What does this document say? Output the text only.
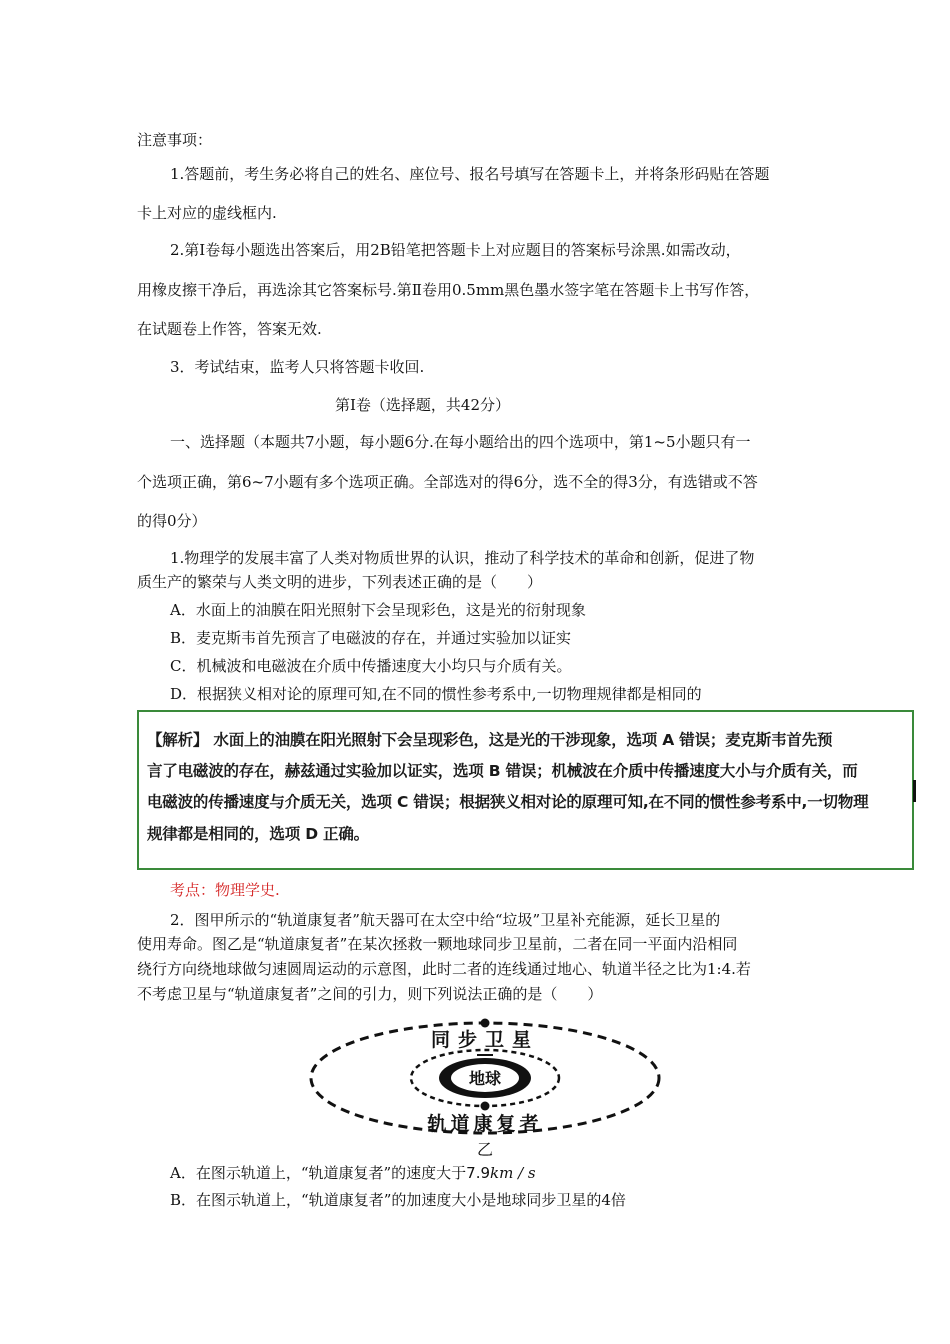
注意事项：
1.答题前，考生务必将自己的姓名、座位号、报名号填写在答题卡上，并将条形码贴在答题
卡上对应的虚线框内.
2.第Ⅰ卷每小题选出答案后，用2B铅笔把答题卡上对应题目的答案标号涂黑.如需改动，
用橡皮擦干净后，再选涂其它答案标号.第Ⅱ卷用0.5mm黑色墨水签字笔在答题卡上书写作答，
在试题卷上作答，答案无效.
3．考试结束，监考人只将答题卡收回.
第Ⅰ卷（选择题，共42分）
一、选择题（本题共7小题，每小题6分.在每小题给出的四个选项中，第1~5小题只有一
个选项正确，第6~7小题有多个选项正确。全部选对的得6分，选不全的得3分，有选错或不答
的得0分）
1.物理学的发展丰富了人类对物质世界的认识，推动了科学技术的革命和创新，促进了物
质生产的繁荣与人类文明的进步，下列表述正确的是（　　）
A．水面上的油膜在阳光照射下会呈现彩色，这是光的衍射现象
B．麦克斯韦首先预言了电磁波的存在，并通过实验加以证实
C．机械波和电磁波在介质中传播速度大小均只与介质有关。
D．根据狭义相对论的原理可知,在不同的惯性参考系中,一切物理规律都是相同的
【解析】 水面上的油膜在阳光照射下会呈现彩色，这是光的干涉现象，选项 A 错误；麦克斯韦首先预
言了电磁波的存在，赫兹通过实验加以证实，选项 B 错误；机械波在介质中传播速度大小与介质有关，而
电磁波的传播速度与介质无关，选项 C 错误；根据狭义相对论的原理可知,在不同的惯性参考系中,一切物理
规律都是相同的，选项 D 正确。
考点：物理学史.
2．图甲所示的“轨道康复者”航天器可在太空中给“垃圾”卫星补充能源，延长卫星的
使用寿命。图乙是“轨道康复者”在某次拯救一颗地球同步卫星前，二者在同一平面内沿相同
绕行方向绕地球做匀速圆周运动的示意图，此时二者的连线通过地心、轨道半径之比为1:4.若
不考虑卫星与“轨道康复者”之间的引力，则下列说法正确的是（　　）
同步卫星
地球
轨道康复者
乙
A．在图示轨道上，“轨道康复者”的速度大于7.9km / s
B．在图示轨道上，“轨道康复者”的加速度大小是地球同步卫星的4倍
